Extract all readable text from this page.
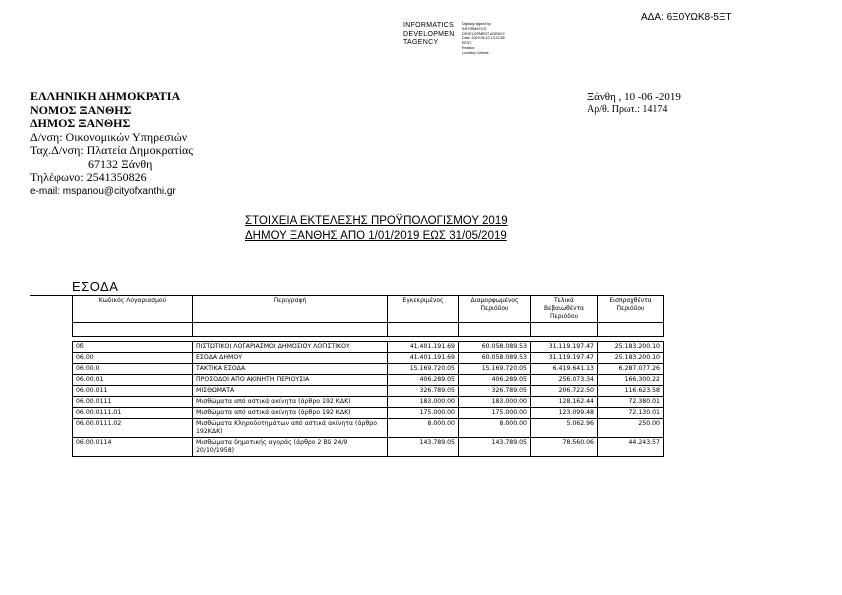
ΑΔΑ: 6Ξ0ΥΩΚ8-5ΞΤ
INFORMATICS
DEVELOPMEN
TAGENCY
Digitally signed by
INFORMATICS
DEVELOPMENT AGENCY
Date: 2019.06.10 13:22:58
EEST
Reason:
Location: Athens
ΕΛΛΗΝΙΚΗ ΔΗΜΟΚΡΑΤΙΑ
ΝΟΜΟΣ ΞΑΝΘΗΣ
ΔΗΜΟΣ ΞΑΝΘΗΣ
Δ/νση: Οικονομικών Υπηρεσιών
Ταχ.Δ/νση: Πλατεία Δημοκρατίας
67132 Ξάνθη
Τηλέφωνο: 2541350826
e-mail: mspanou@cityofxanthi.gr
Ξάνθη , 10 -06 -2019
Αρ/θ. Πρωτ.: 14174
ΣΤΟΙΧΕΙΑ ΕΚΤΕΛΕΣΗΣ ΠΡΟΫΠΟΛΟΓΙΣΜΟΥ 2019
ΔΗΜΟΥ ΞΑΝΘΗΣ ΑΠΟ 1/01/2019 ΕΩΣ 31/05/2019
ΕΣΟΔΑ
Κωδικός Λογαριασμού	Περιγραφή	Εγκεκριμένος	Διαμορφωμένος Περιόδου	Τελικά Βεβαιωθέντα Περιόδου	Εισπραχθέντα Περιόδου

0б	ΠΙΣΤΩΤΙΚΟΙ ΛΟΓΑΡΙΑΣΜΟΙ ΔΗΜΟΣΙΟΥ ΛΟΓΙΣΤΙΚΟΥ	41.401.191.69	60.058.089.53	31.119.197.47	25.183.200.10
06.00	ΕΣΟΔΑ ΔΗΜΟΥ	41.401.191.69	60.058.089.53	31.119.197.47	25.183.200.10
06.00.0	ΤΑΚΤΙΚΑ ΕΣΟΔΑ	15.169.720.05	15.169.720.05	6.419.641.13	6.287.077.26
06.00.01	ΠΡΟΣΟΔΟΙ ΑΠΟ ΑΚΙΝΗΤΗ ΠΕΡΙΟΥΣΙΑ	406.289.05	406.289.05	256.073.34	166.300.22
06.00.011	ΜΙΣΘΩΜΑΤΑ	326.789.05	326.789.05	206.722.50	116.623.58
06.00.0111	Μισθώματα από αστικά ακίνητα (άρθρο 192 ΚΔΚ)	183.000.00	183.000.00	128.162.44	72.380.01
06.00.0111.01	Μισθώματα από αστικά ακίνητα (άρθρο 192 ΚΔΚ)	175.000.00	175.000.00	123.099.48	72.130.01
06.00.0111.02	Μισθώματα Κληροδοτημάτων από αστικά ακίνητα (άρθρο 192ΚΔΚ)	8.000.00	8.000.00	5.062.96	250.00
06.00.0114	Μισθώματα δημοτικής αγοράς (άρθρο 2 Βδ 24/9 20/10/1958)	143.789.05	143.789.05	78.560.06	44.243.57
